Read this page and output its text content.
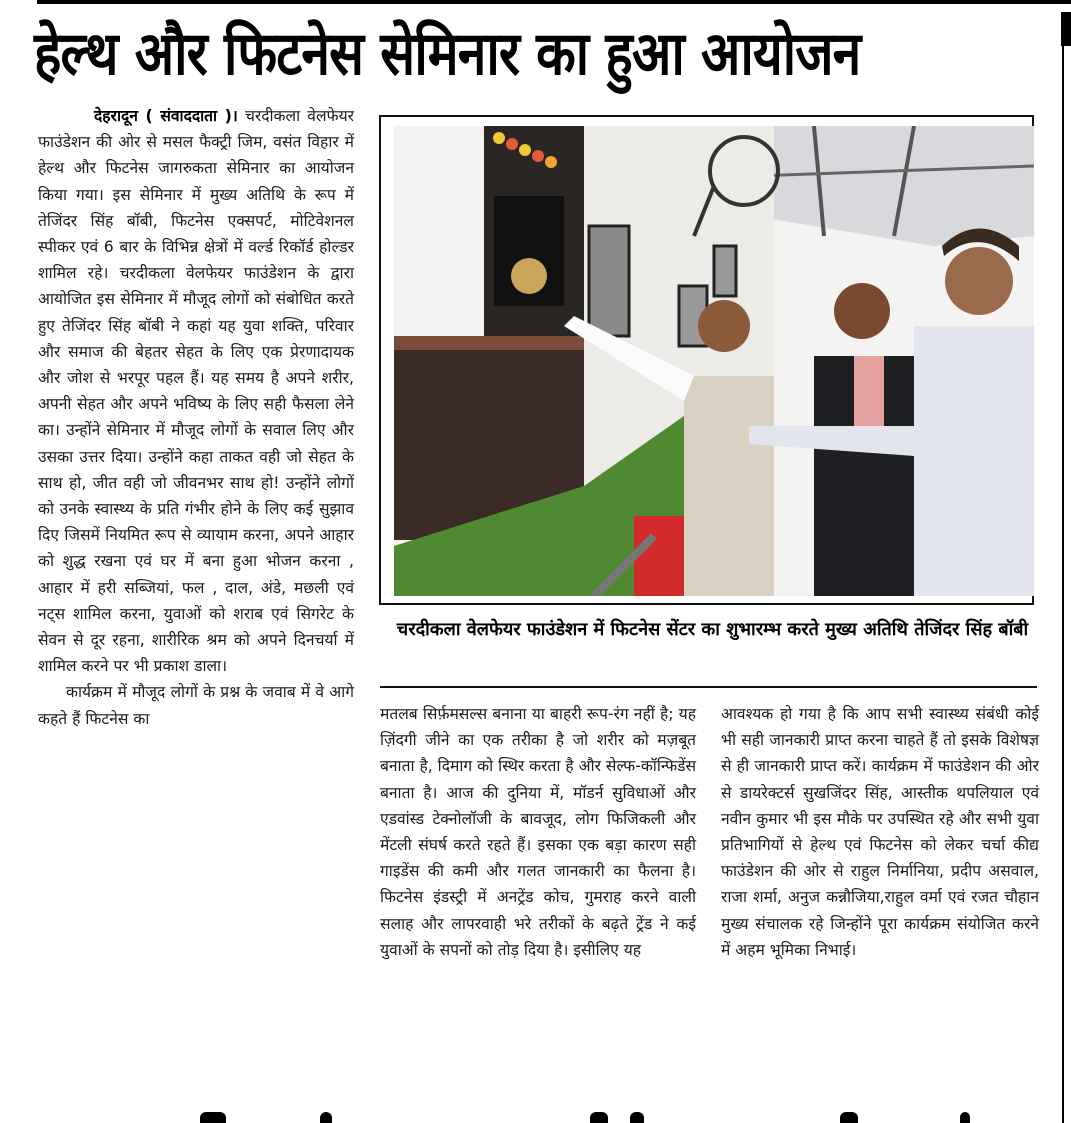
हेल्थ और फिटनेस सेमिनार का हुआ आयोजन

देहरादून ( संवाददाता )। चरदीकला वेलफेयर फाउंडेशन की ओर से मसल फैक्ट्री जिम, वसंत विहार में हेल्थ और फिटनेस जागरुकता सेमिनार का आयोजन किया गया। इस सेमिनार में मुख्य अतिथि के रूप में तेजिंदर सिंह बॉबी, फिटनेस एक्सपर्ट, मोटिवेशनल स्पीकर एवं 6 बार के विभिन्न क्षेत्रों में वर्ल्ड रिकॉर्ड होल्डर शामिल रहे। चरदीकला वेलफेयर फाउंडेशन के द्वारा आयोजित इस सेमिनार में मौजूद लोगों को संबोधित करते हुए तेजिंदर सिंह बॉबी ने कहां यह युवा शक्ति, परिवार और समाज की बेहतर सेहत के लिए एक प्रेरणादायक और जोश से भरपूर पहल हैं। यह समय है अपने शरीर, अपनी सेहत और अपने भविष्य के लिए सही फैसला लेने का। उन्होंने सेमिनार में मौजूद लोगों के सवाल लिए और उसका उत्तर दिया। उन्होंने कहा ताकत वही जो सेहत के साथ हो, जीत वही जो जीवनभर साथ हो! उन्होंने लोगों को उनके स्वास्थ्य के प्रति गंभीर होने के लिए कई सुझाव दिए जिसमें नियमित रूप से व्यायाम करना, अपने आहार को शुद्ध रखना एवं घर में बना हुआ भोजन करना , आहार में हरी सब्जियां, फल , दाल, अंडे, मछली एवं नट्स शामिल करना, युवाओं को शराब एवं सिगरेट के सेवन से दूर रहना, शारीरिक श्रम को अपने दिनचर्या में शामिल करने पर भी प्रकाश डाला।

कार्यक्रम में मौजूद लोगों के प्रश्न के जवाब में वे आगे कहते हैं फिटनेस का

चरदीकला वेलफेयर फाउंडेशन में फिटनेस सेंटर का शुभारम्भ करते मुख्य अतिथि तेजिंदर सिंह बॉबी

मतलब सिर्फ़मसल्स बनाना या बाहरी रूप-रंग नहीं है; यह ज़िंदगी जीने का एक तरीका है जो शरीर को मज़बूत बनाता है, दिमाग को स्थिर करता है और सेल्फ-कॉन्फिडेंस बनाता है। आज की दुनिया में, मॉडर्न सुविधाओं और एडवांस्ड टेक्नोलॉजी के बावजूद, लोग फिजिकली और मेंटली संघर्ष करते रहते हैं। इसका एक बड़ा कारण सही गाइडेंस की कमी और गलत जानकारी का फैलना है। फिटनेस इंडस्ट्री में अनट्रेंड कोच, गुमराह करने वाली सलाह और लापरवाही भरे तरीकों के बढ़ते ट्रेंड ने कई युवाओं के सपनों को तोड़ दिया है। इसीलिए यह

आवश्यक हो गया है कि आप सभी स्वास्थ्य संबंधी कोई भी सही जानकारी प्राप्त करना चाहते हैं तो इसके विशेषज्ञ से ही जानकारी प्राप्त करें। कार्यक्रम में फाउंडेशन की ओर से डायरेक्टर्स सुखजिंदर सिंह, आस्तीक थपलियाल एवं नवीन कुमार भी इस मौके पर उपस्थित रहे और सभी युवा प्रतिभागियों से हेल्थ एवं फिटनेस को लेकर चर्चा कीद्य फाउंडेशन की ओर से राहुल निर्मानिया, प्रदीप असवाल, राजा शर्मा, अनुज कन्नौजिया,राहुल वर्मा एवं रजत चौहान मुख्य संचालक रहे जिन्होंने पूरा कार्यक्रम संयोजित करने में अहम भूमिका निभाई।
